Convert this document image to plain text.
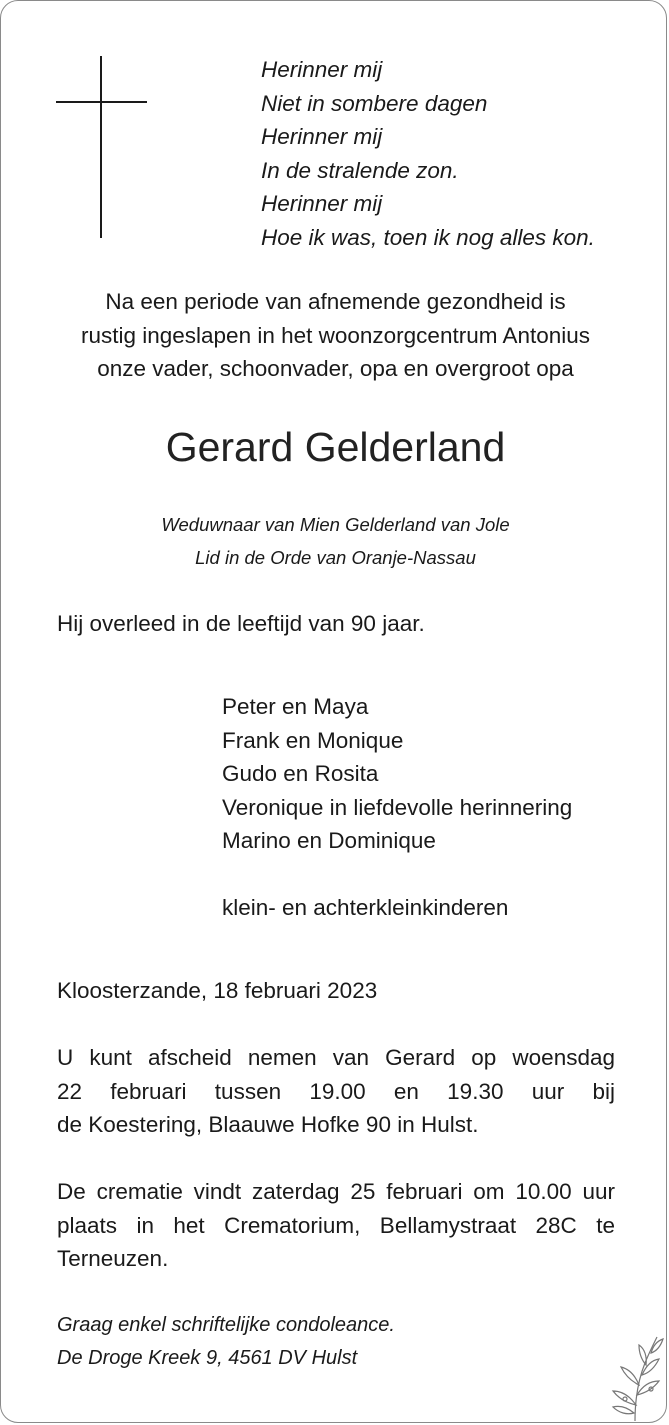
Herinner mij
Niet in sombere dagen
Herinner mij
In de stralende zon.
Herinner mij
Hoe ik was, toen ik nog alles kon.
Na een periode van afnemende gezondheid is
rustig ingeslapen in het woonzorgcentrum Antonius
onze vader, schoonvader, opa en overgroot opa
Gerard Gelderland
Weduwnaar van Mien Gelderland van Jole
Lid in de Orde van Oranje-Nassau
Hij overleed in de leeftijd van 90 jaar.
Peter en Maya
Frank en Monique
Gudo en Rosita
Veronique in liefdevolle herinnering
Marino en Dominique
klein- en achterkleinkinderen
Kloosterzande, 18 februari 2023
U kunt afscheid nemen van Gerard op woensdag
22 februari tussen 19.00 en 19.30 uur bij
de Koestering, Blaauwe Hofke 90 in Hulst.
De crematie vindt zaterdag 25 februari om 10.00 uur
plaats in het Crematorium, Bellamystraat 28C te
Terneuzen.
Graag enkel schriftelijke condoleance.
De Droge Kreek 9, 4561 DV Hulst
